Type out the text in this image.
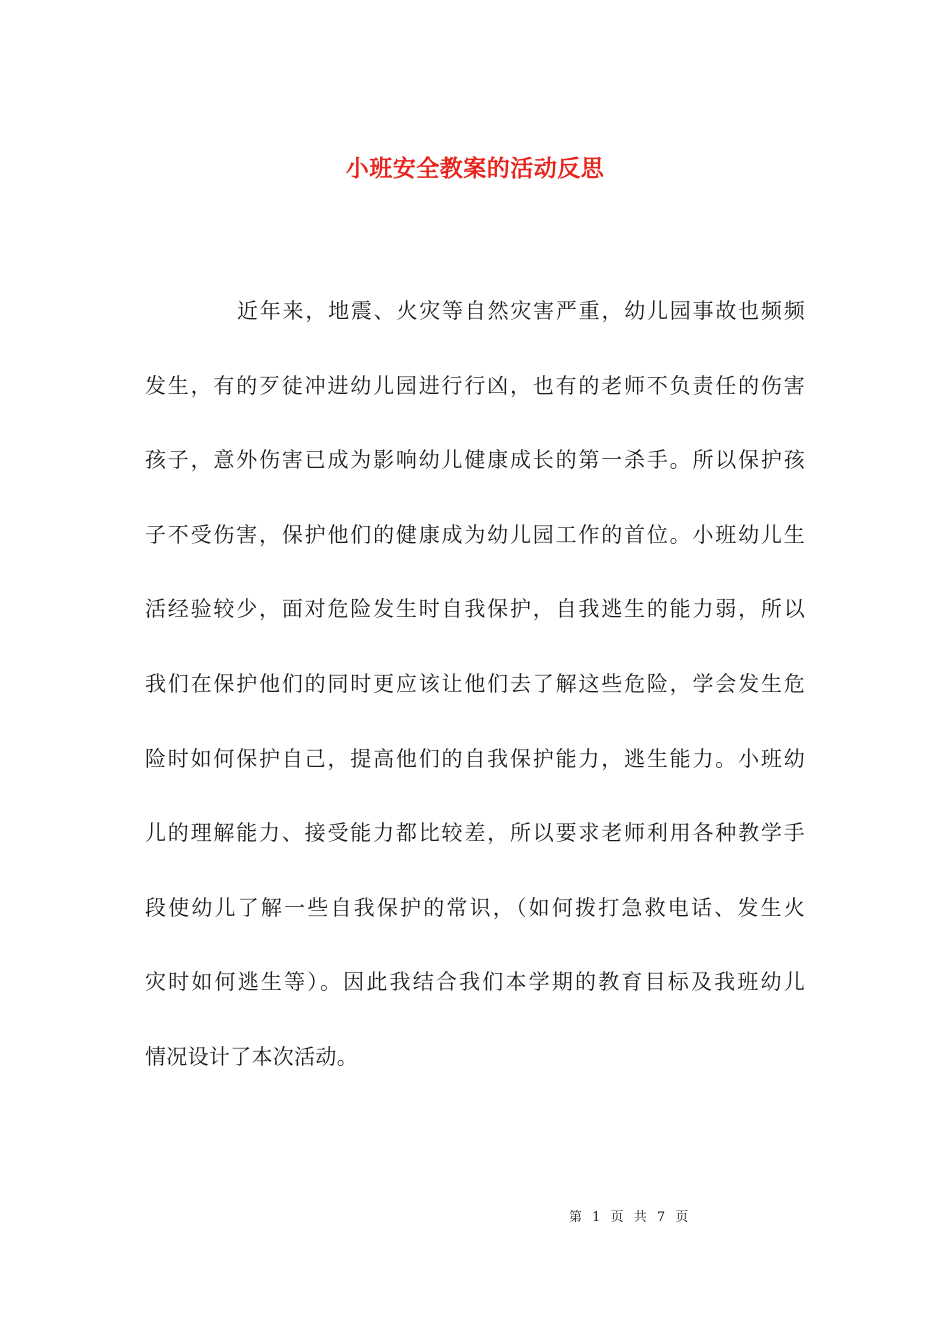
小班安全教案的活动反思
近年来，地震、火灾等自然灾害严重，幼儿园事故也频频
发生，有的歹徒冲进幼儿园进行行凶，也有的老师不负责任的伤害
孩子，意外伤害已成为影响幼儿健康成长的第一杀手。所以保护孩
子不受伤害，保护他们的健康成为幼儿园工作的首位。小班幼儿生
活经验较少，面对危险发生时自我保护，自我逃生的能力弱，所以
我们在保护他们的同时更应该让他们去了解这些危险，学会发生危
险时如何保护自己，提高他们的自我保护能力，逃生能力。小班幼
儿的理解能力、接受能力都比较差，所以要求老师利用各种教学手
段使幼儿了解一些自我保护的常识，（如何拨打急救电话、发生火
灾时如何逃生等）。因此我结合我们本学期的教育目标及我班幼儿
情况设计了本次活动。
第 1 页 共 7 页
